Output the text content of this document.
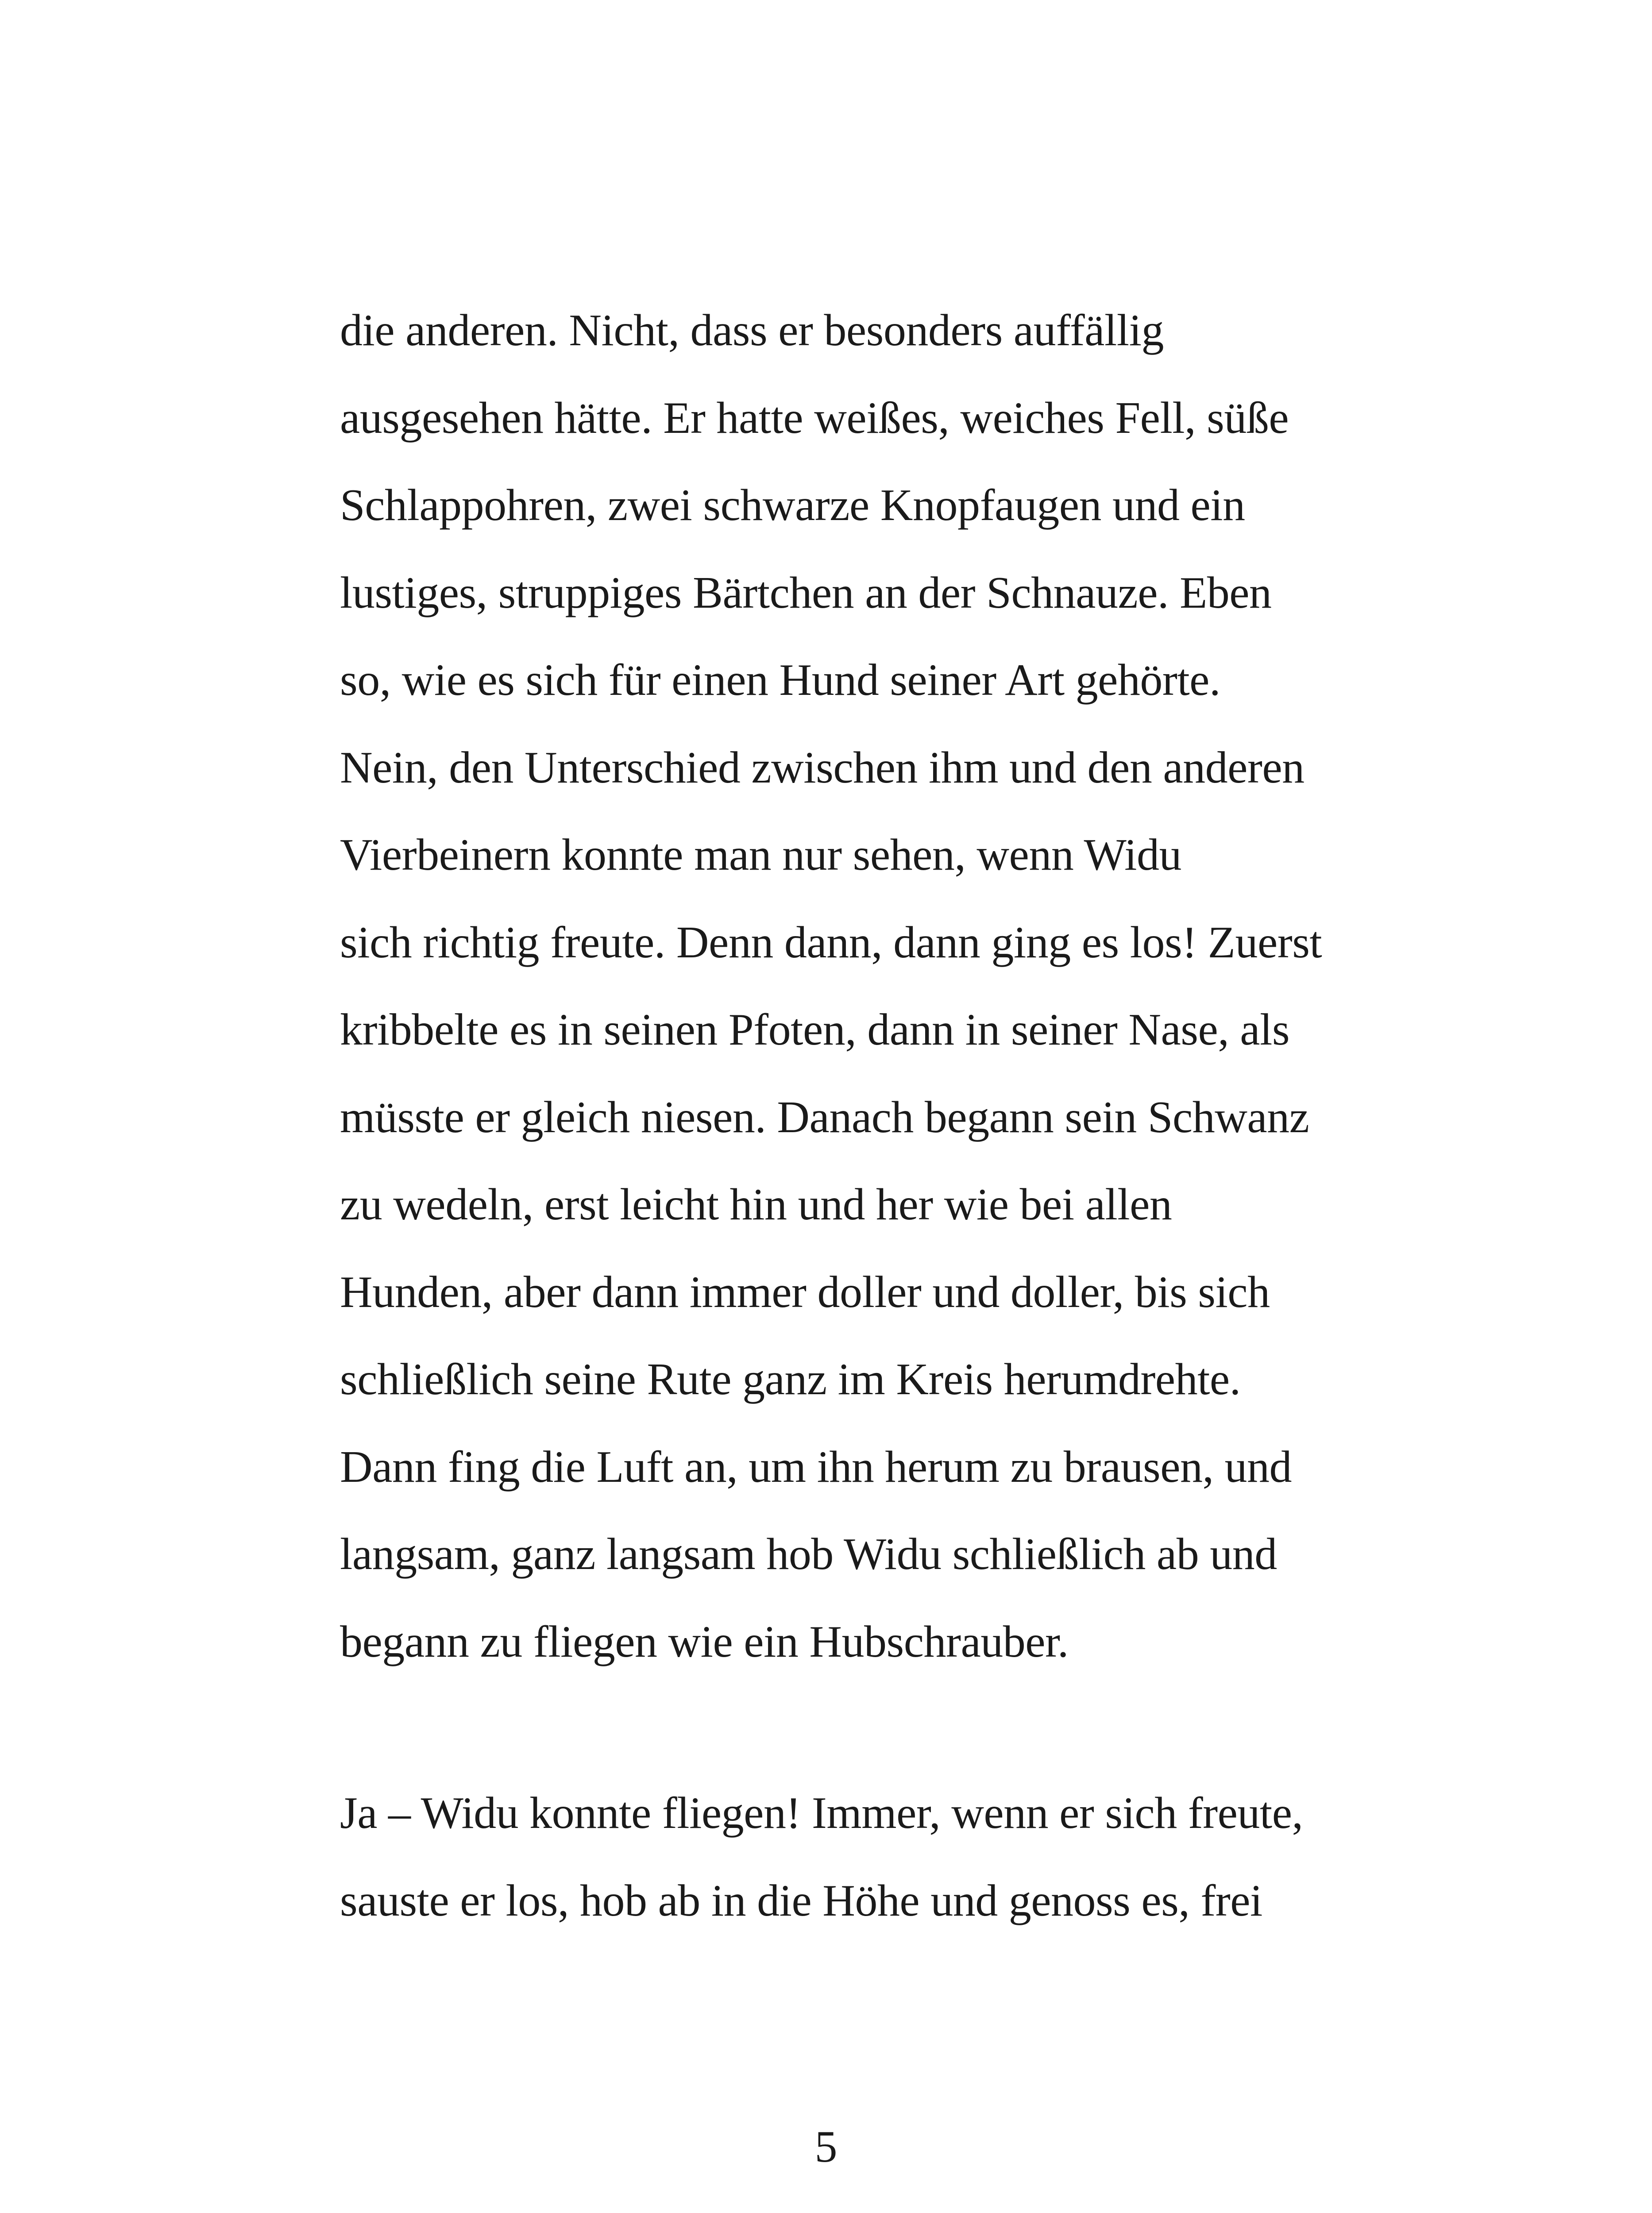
die anderen. Nicht, dass er besonders auffällig
ausgesehen hätte. Er hatte weißes, weiches Fell, süße
Schlappohren, zwei schwarze Knopfaugen und ein
lustiges, struppiges Bärtchen an der Schnauze. Eben
so, wie es sich für einen Hund seiner Art gehörte.
Nein, den Unterschied zwischen ihm und den anderen
Vierbeinern konnte man nur sehen, wenn Widu
sich richtig freute. Denn dann, dann ging es los! Zuerst
kribbelte es in seinen Pfoten, dann in seiner Nase, als
müsste er gleich niesen. Danach begann sein Schwanz
zu wedeln, erst leicht hin und her wie bei allen
Hunden, aber dann immer doller und doller, bis sich
schließlich seine Rute ganz im Kreis herumdrehte.
Dann fing die Luft an, um ihn herum zu brausen, und
langsam, ganz langsam hob Widu schließlich ab und
begann zu fliegen wie ein Hubschrauber.

Ja – Widu konnte fliegen! Immer, wenn er sich freute,
sauste er los, hob ab in die Höhe und genoss es, frei

5
